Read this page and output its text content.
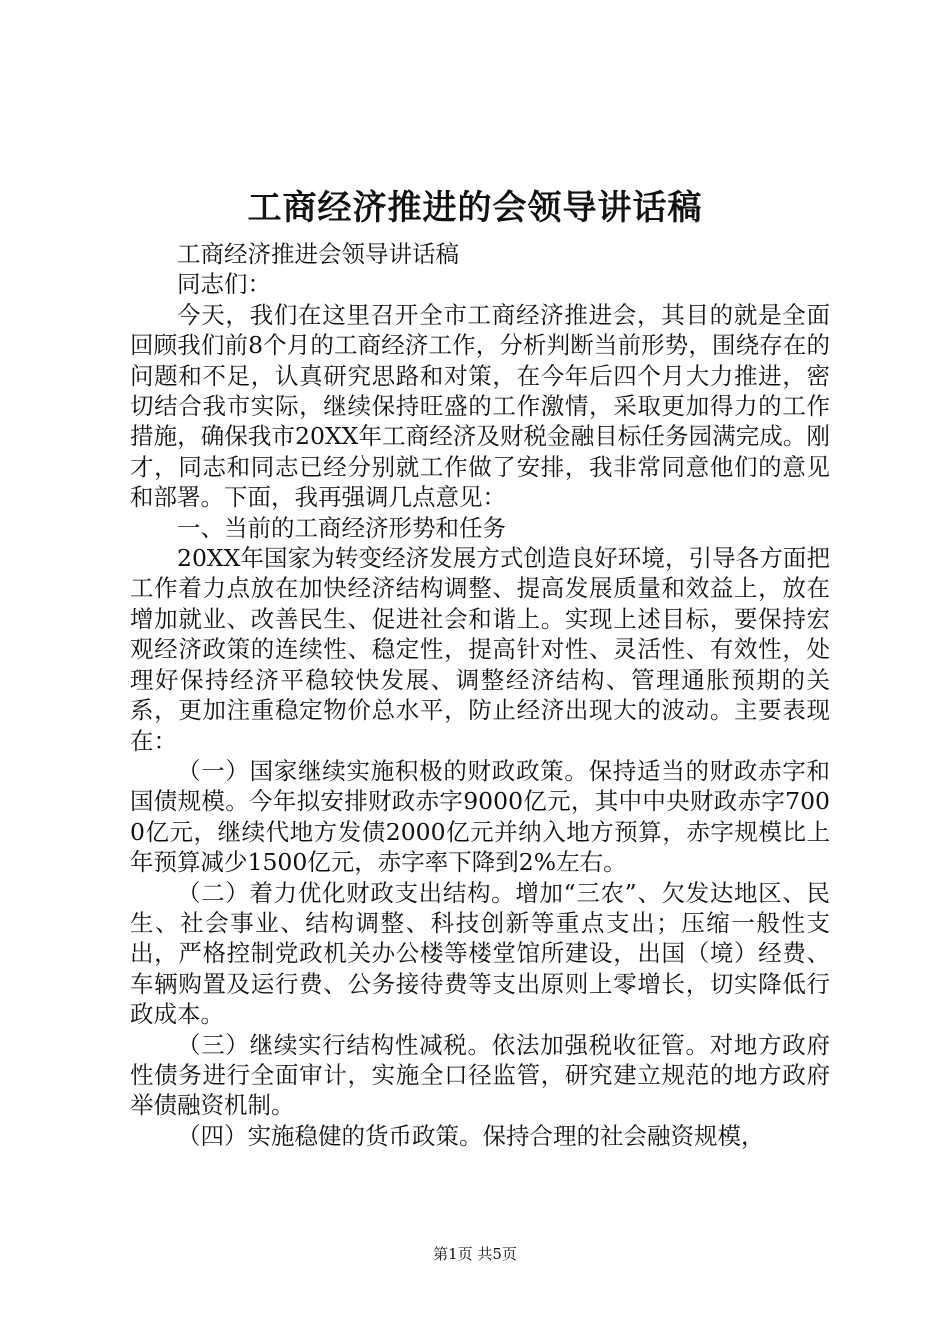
工商经济推进的会领导讲话稿

工商经济推进会领导讲话稿

同志们：

今天，我们在这里召开全市工商经济推进会，其目的就是全面回顾我们前8个月的工商经济工作，分析判断当前形势，围绕存在的问题和不足，认真研究思路和对策，在今年后四个月大力推进，密切结合我市实际，继续保持旺盛的工作激情，采取更加得力的工作措施，确保我市20XX年工商经济及财税金融目标任务园满完成。刚才，同志和同志已经分别就工作做了安排，我非常同意他们的意见和部署。下面，我再强调几点意见：

一、当前的工商经济形势和任务

20XX年国家为转变经济发展方式创造良好环境，引导各方面把工作着力点放在加快经济结构调整、提高发展质量和效益上，放在增加就业、改善民生、促进社会和谐上。实现上述目标，要保持宏观经济政策的连续性、稳定性，提高针对性、灵活性、有效性，处理好保持经济平稳较快发展、调整经济结构、管理通胀预期的关系，更加注重稳定物价总水平，防止经济出现大的波动。主要表现在：

（一）国家继续实施积极的财政政策。保持适当的财政赤字和国债规模。今年拟安排财政赤字9000亿元，其中中央财政赤字7000亿元，继续代地方发债2000亿元并纳入地方预算，赤字规模比上年预算减少1500亿元，赤字率下降到2%左右。

（二）着力优化财政支出结构。增加“三农”、欠发达地区、民生、社会事业、结构调整、科技创新等重点支出；压缩一般性支出，严格控制党政机关办公楼等楼堂馆所建设，出国（境）经费、车辆购置及运行费、公务接待费等支出原则上零增长，切实降低行政成本。

（三）继续实行结构性减税。依法加强税收征管。对地方政府性债务进行全面审计，实施全口径监管，研究建立规范的地方政府举债融资机制。

（四）实施稳健的货币政策。保持合理的社会融资规模，

第1页 共5页
